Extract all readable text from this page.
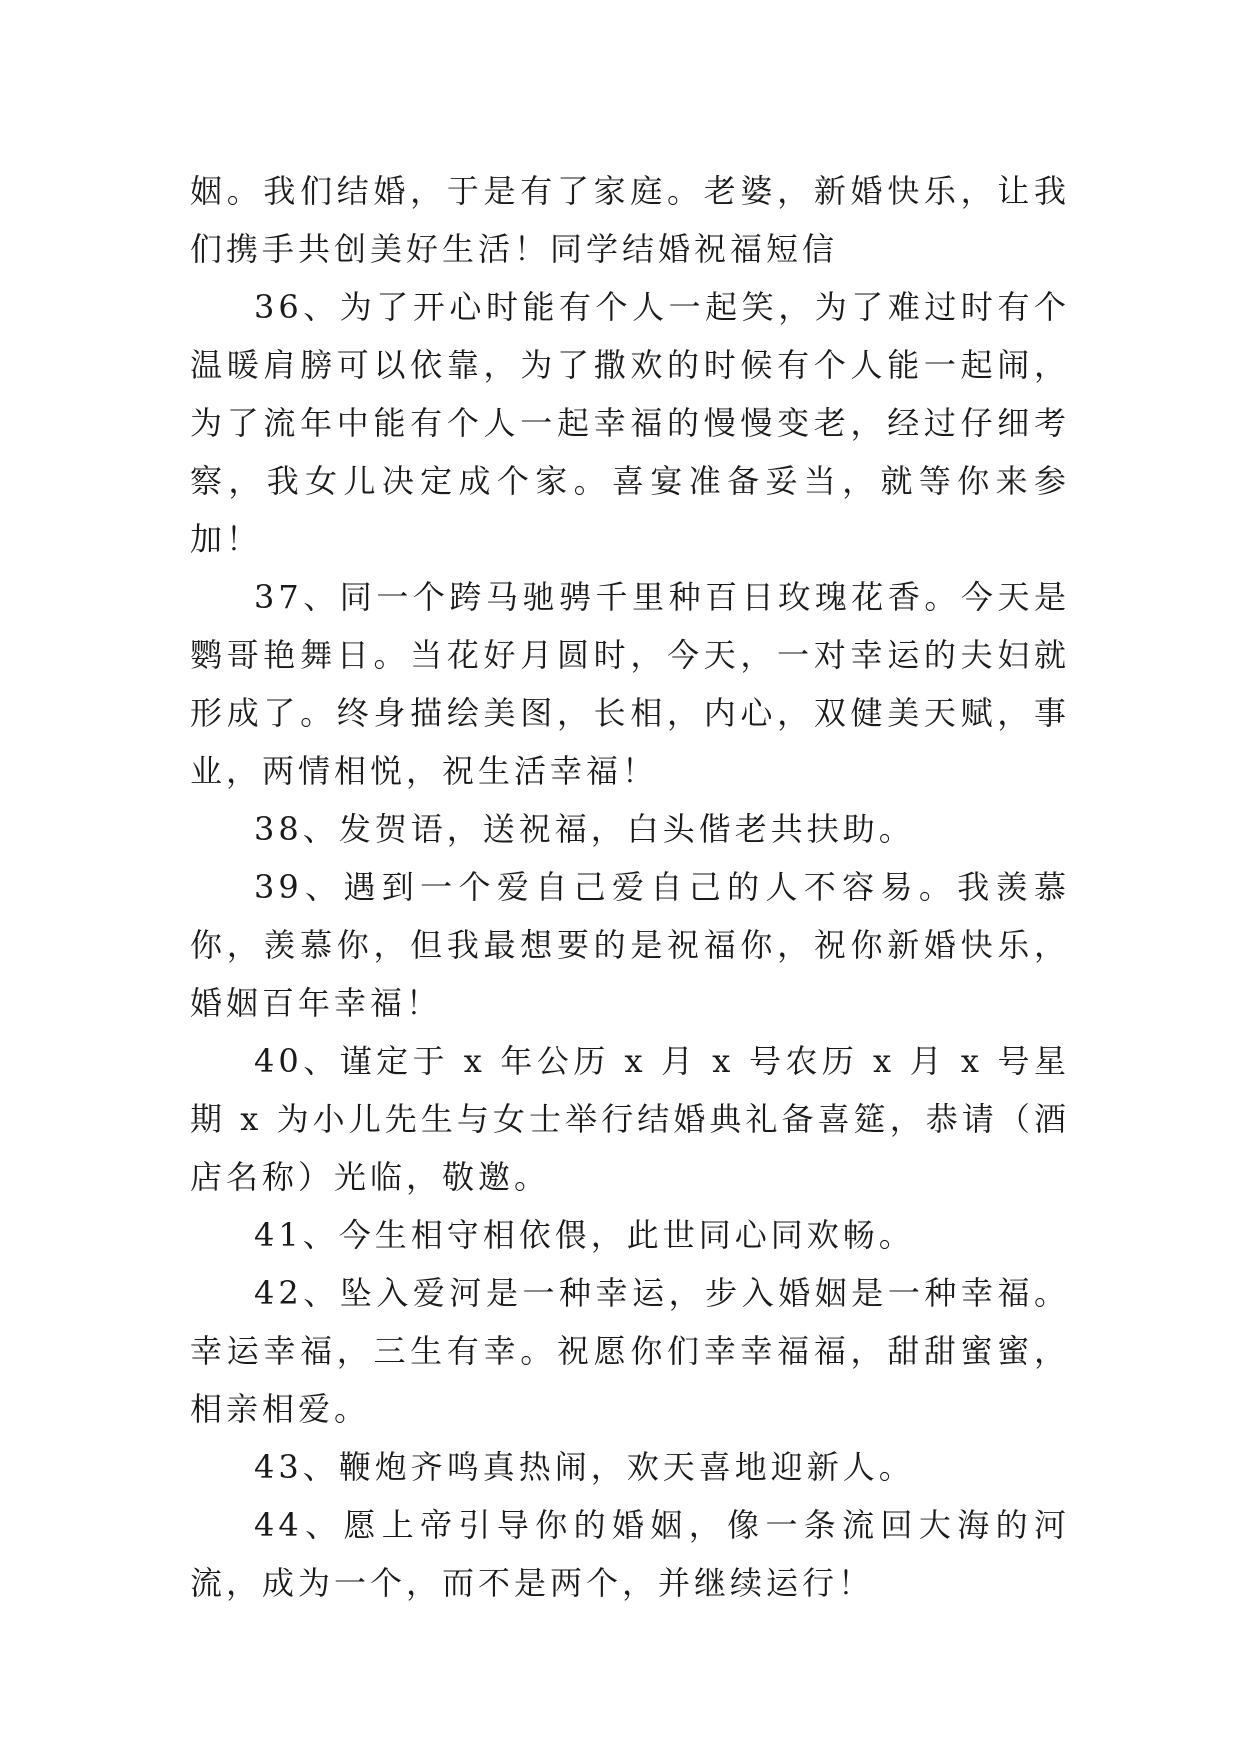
姻。我们结婚，于是有了家庭。老婆，新婚快乐，让我们携手共创美好生活！同学结婚祝福短信

36、为了开心时能有个人一起笑，为了难过时有个温暖肩膀可以依靠，为了撒欢的时候有个人能一起闹，为了流年中能有个人一起幸福的慢慢变老，经过仔细考察，我女儿决定成个家。喜宴准备妥当，就等你来参加！

37、同一个跨马驰骋千里种百日玫瑰花香。今天是鹦哥艳舞日。当花好月圆时，今天，一对幸运的夫妇就形成了。终身描绘美图，长相，内心，双健美天赋，事业，两情相悦，祝生活幸福！

38、发贺语，送祝福，白头偕老共扶助。

39、遇到一个爱自己爱自己的人不容易。我羡慕你，羡慕你，但我最想要的是祝福你，祝你新婚快乐，婚姻百年幸福！

40、谨定于 x 年公历 x 月 x 号农历 x 月 x 号星期 x 为小儿先生与女士举行结婚典礼备喜筵，恭请（酒店名称）光临，敬邀。

41、今生相守相依偎，此世同心同欢畅。

42、坠入爱河是一种幸运，步入婚姻是一种幸福。幸运幸福，三生有幸。祝愿你们幸幸福福，甜甜蜜蜜，相亲相爱。

43、鞭炮齐鸣真热闹，欢天喜地迎新人。

44、愿上帝引导你的婚姻，像一条流回大海的河流，成为一个，而不是两个，并继续运行！
